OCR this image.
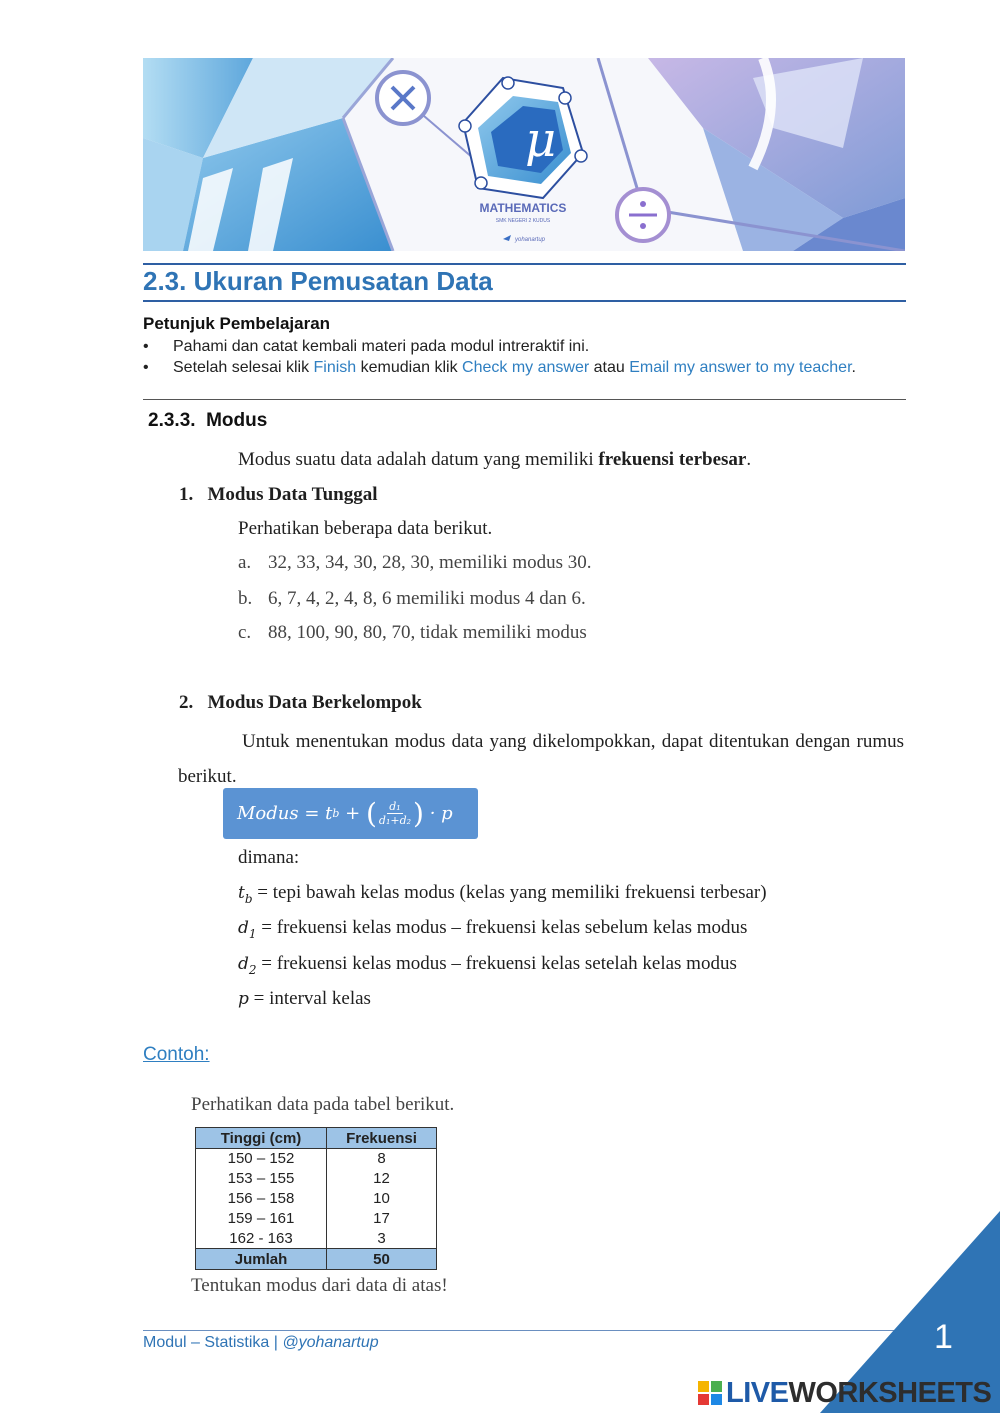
μ
MATHEMATICS
SMK NEGERI 2 KUDUS
yohanartup
2.3. Ukuran Pemusatan Data
Petunjuk Pembelajaran
• Pahami dan catat kembali materi pada modul intreraktif ini.
• Setelah selesai klik Finish kemudian klik Check my answer atau Email my answer to my teacher.
2.3.3. Modus
Modus suatu data adalah datum yang memiliki frekuensi terbesar.
1.   Modus Data Tunggal
Perhatikan beberapa data berikut.
a. 32, 33, 34, 30, 28, 30, memiliki modus 30.
b. 6, 7, 4, 2, 4, 8, 6 memiliki modus 4 dan 6.
c. 88, 100, 90, 80, 70, tidak memiliki modus
2.   Modus Data Berkelompok
Untuk menentukan modus data yang dikelompokkan, dapat ditentukan dengan rumus berikut.
Modus = t b + ( $\frac{\text{d₁}}{\text{d₁+d₂}}$ ) · p
dimana:
$t_b$ = tepi bawah kelas modus (kelas yang memiliki frekuensi terbesar)
$d_1$ = frekuensi kelas modus – frekuensi kelas sebelum kelas modus
$d_2$ = frekuensi kelas modus – frekuensi kelas setelah kelas modus
p = interval kelas
Contoh:
Perhatikan data pada tabel berikut.
Tinggi (cm)	Frekuensi
150 – 152	8
153 – 155	12
156 – 158	10
159 – 161	17
162 - 163	3
Jumlah	50
Tentukan modus dari data di atas!
Modul – Statistika | @yohanartup	1
LIVEWORKSHEETS
